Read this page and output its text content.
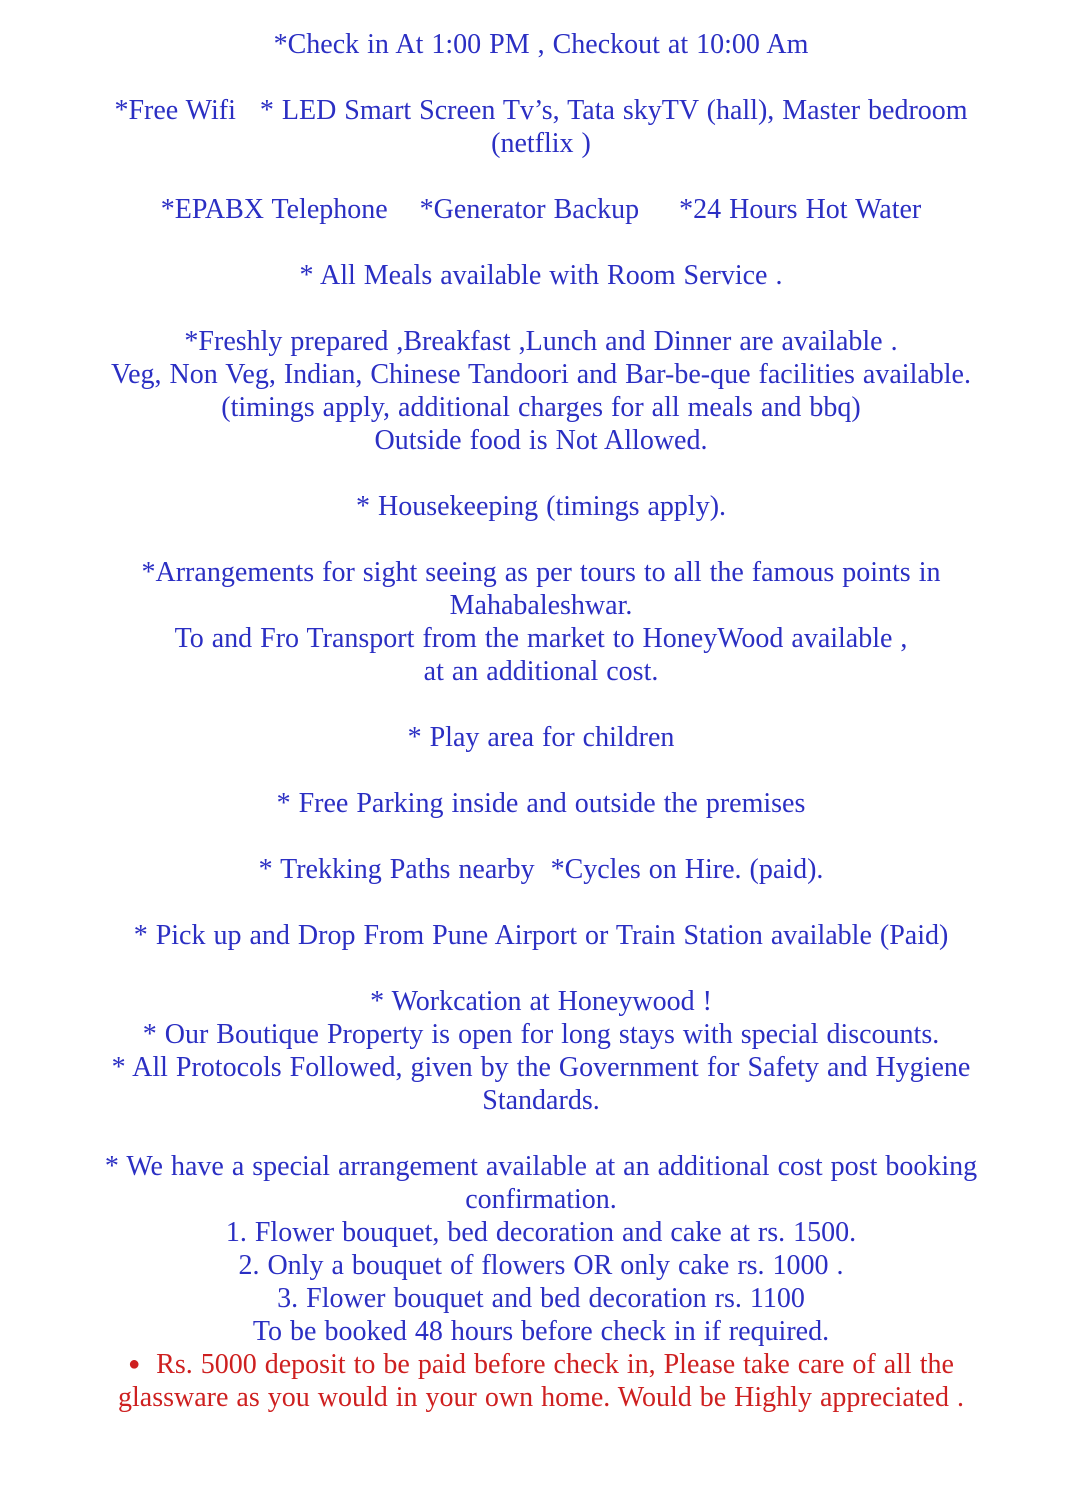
*Check in At 1:00 PM , Checkout at 10:00 Am
*Free Wifi   * LED Smart Screen Tv’s, Tata skyTV (hall), Master bedroom
(netflix )
*EPABX Telephone    *Generator Backup     *24 Hours Hot Water
* All Meals available with Room Service .
*Freshly prepared ,Breakfast ,Lunch and Dinner are available .
Veg, Non Veg, Indian, Chinese Tandoori and Bar-be-que facilities available.
(timings apply, additional charges for all meals and bbq)
Outside food is Not Allowed.
* Housekeeping (timings apply).
*Arrangements for sight seeing as per tours to all the famous points in
Mahabaleshwar.
To and Fro Transport from the market to HoneyWood available ,
at an additional cost.
* Play area for children
* Free Parking inside and outside the premises
* Trekking Paths nearby  *Cycles on Hire. (paid).
* Pick up and Drop From Pune Airport or Train Station available (Paid)
* Workcation at Honeywood !
* Our Boutique Property is open for long stays with special discounts.
* All Protocols Followed, given by the Government for Safety and Hygiene
Standards.
* We have a special arrangement available at an additional cost post booking
confirmation.
1. Flower bouquet, bed decoration and cake at rs. 1500.
2. Only a bouquet of flowers OR only cake rs. 1000 .
3. Flower bouquet and bed decoration rs. 1100
To be booked 48 hours before check in if required.
● Rs. 5000 deposit to be paid before check in, Please take care of all the
glassware as you would in your own home. Would be Highly appreciated .
